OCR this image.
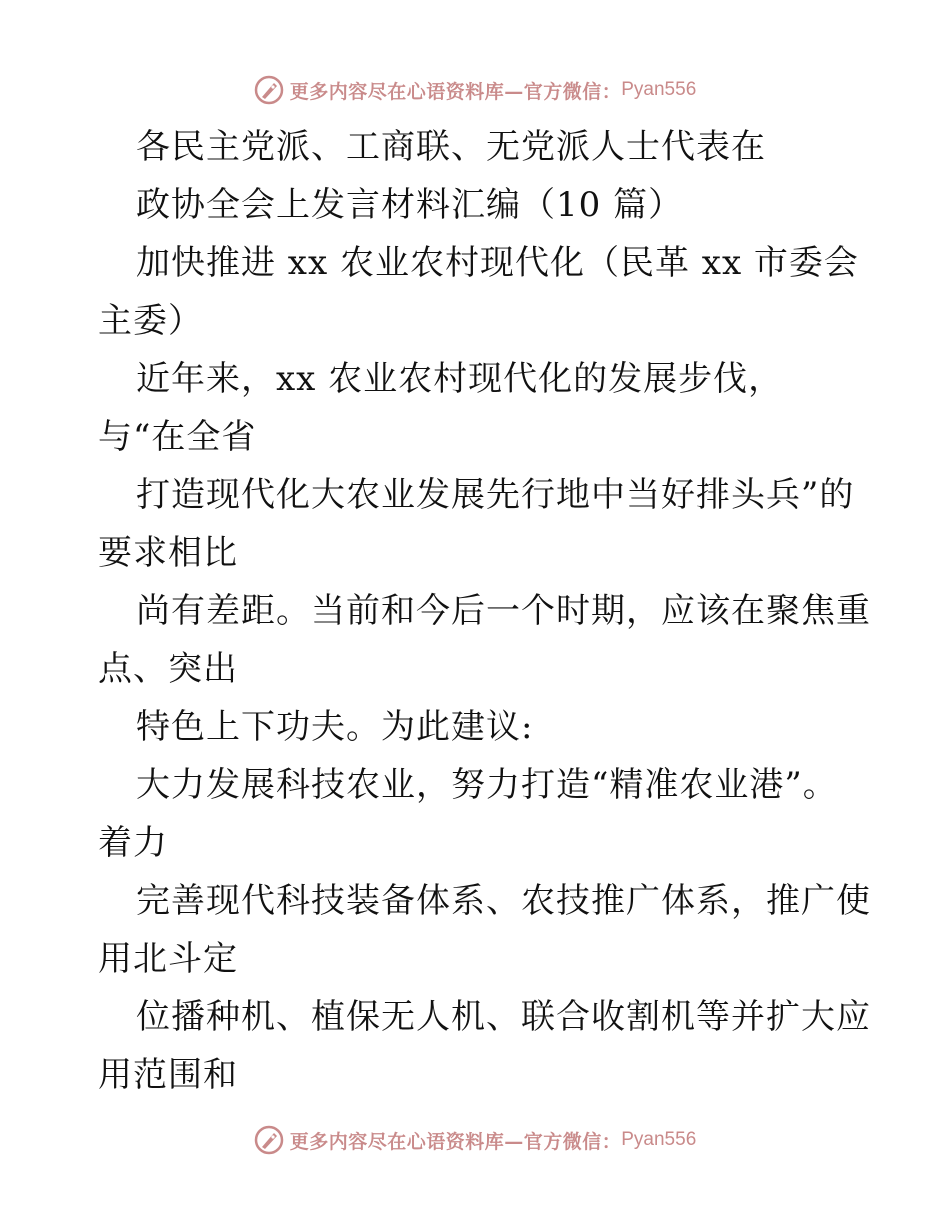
更多内容尽在心语资料库—官方微信： Pyan556
各民主党派、工商联、无党派人士代表在
政协全会上发言材料汇编（10 篇）
加快推进 xx 农业农村现代化（民革 xx 市委会
主委）
近年来，xx 农业农村现代化的发展步伐，
与“在全省
打造现代化大农业发展先行地中当好排头兵”的
要求相比
尚有差距。当前和今后一个时期，应该在聚焦重
点、突出
特色上下功夫。为此建议:
大力发展科技农业，努力打造“精准农业港”。
着力
完善现代科技装备体系、农技推广体系，推广使
用北斗定
位播种机、植保无人机、联合收割机等并扩大应
用范围和
更多内容尽在心语资料库—官方微信： Pyan556
